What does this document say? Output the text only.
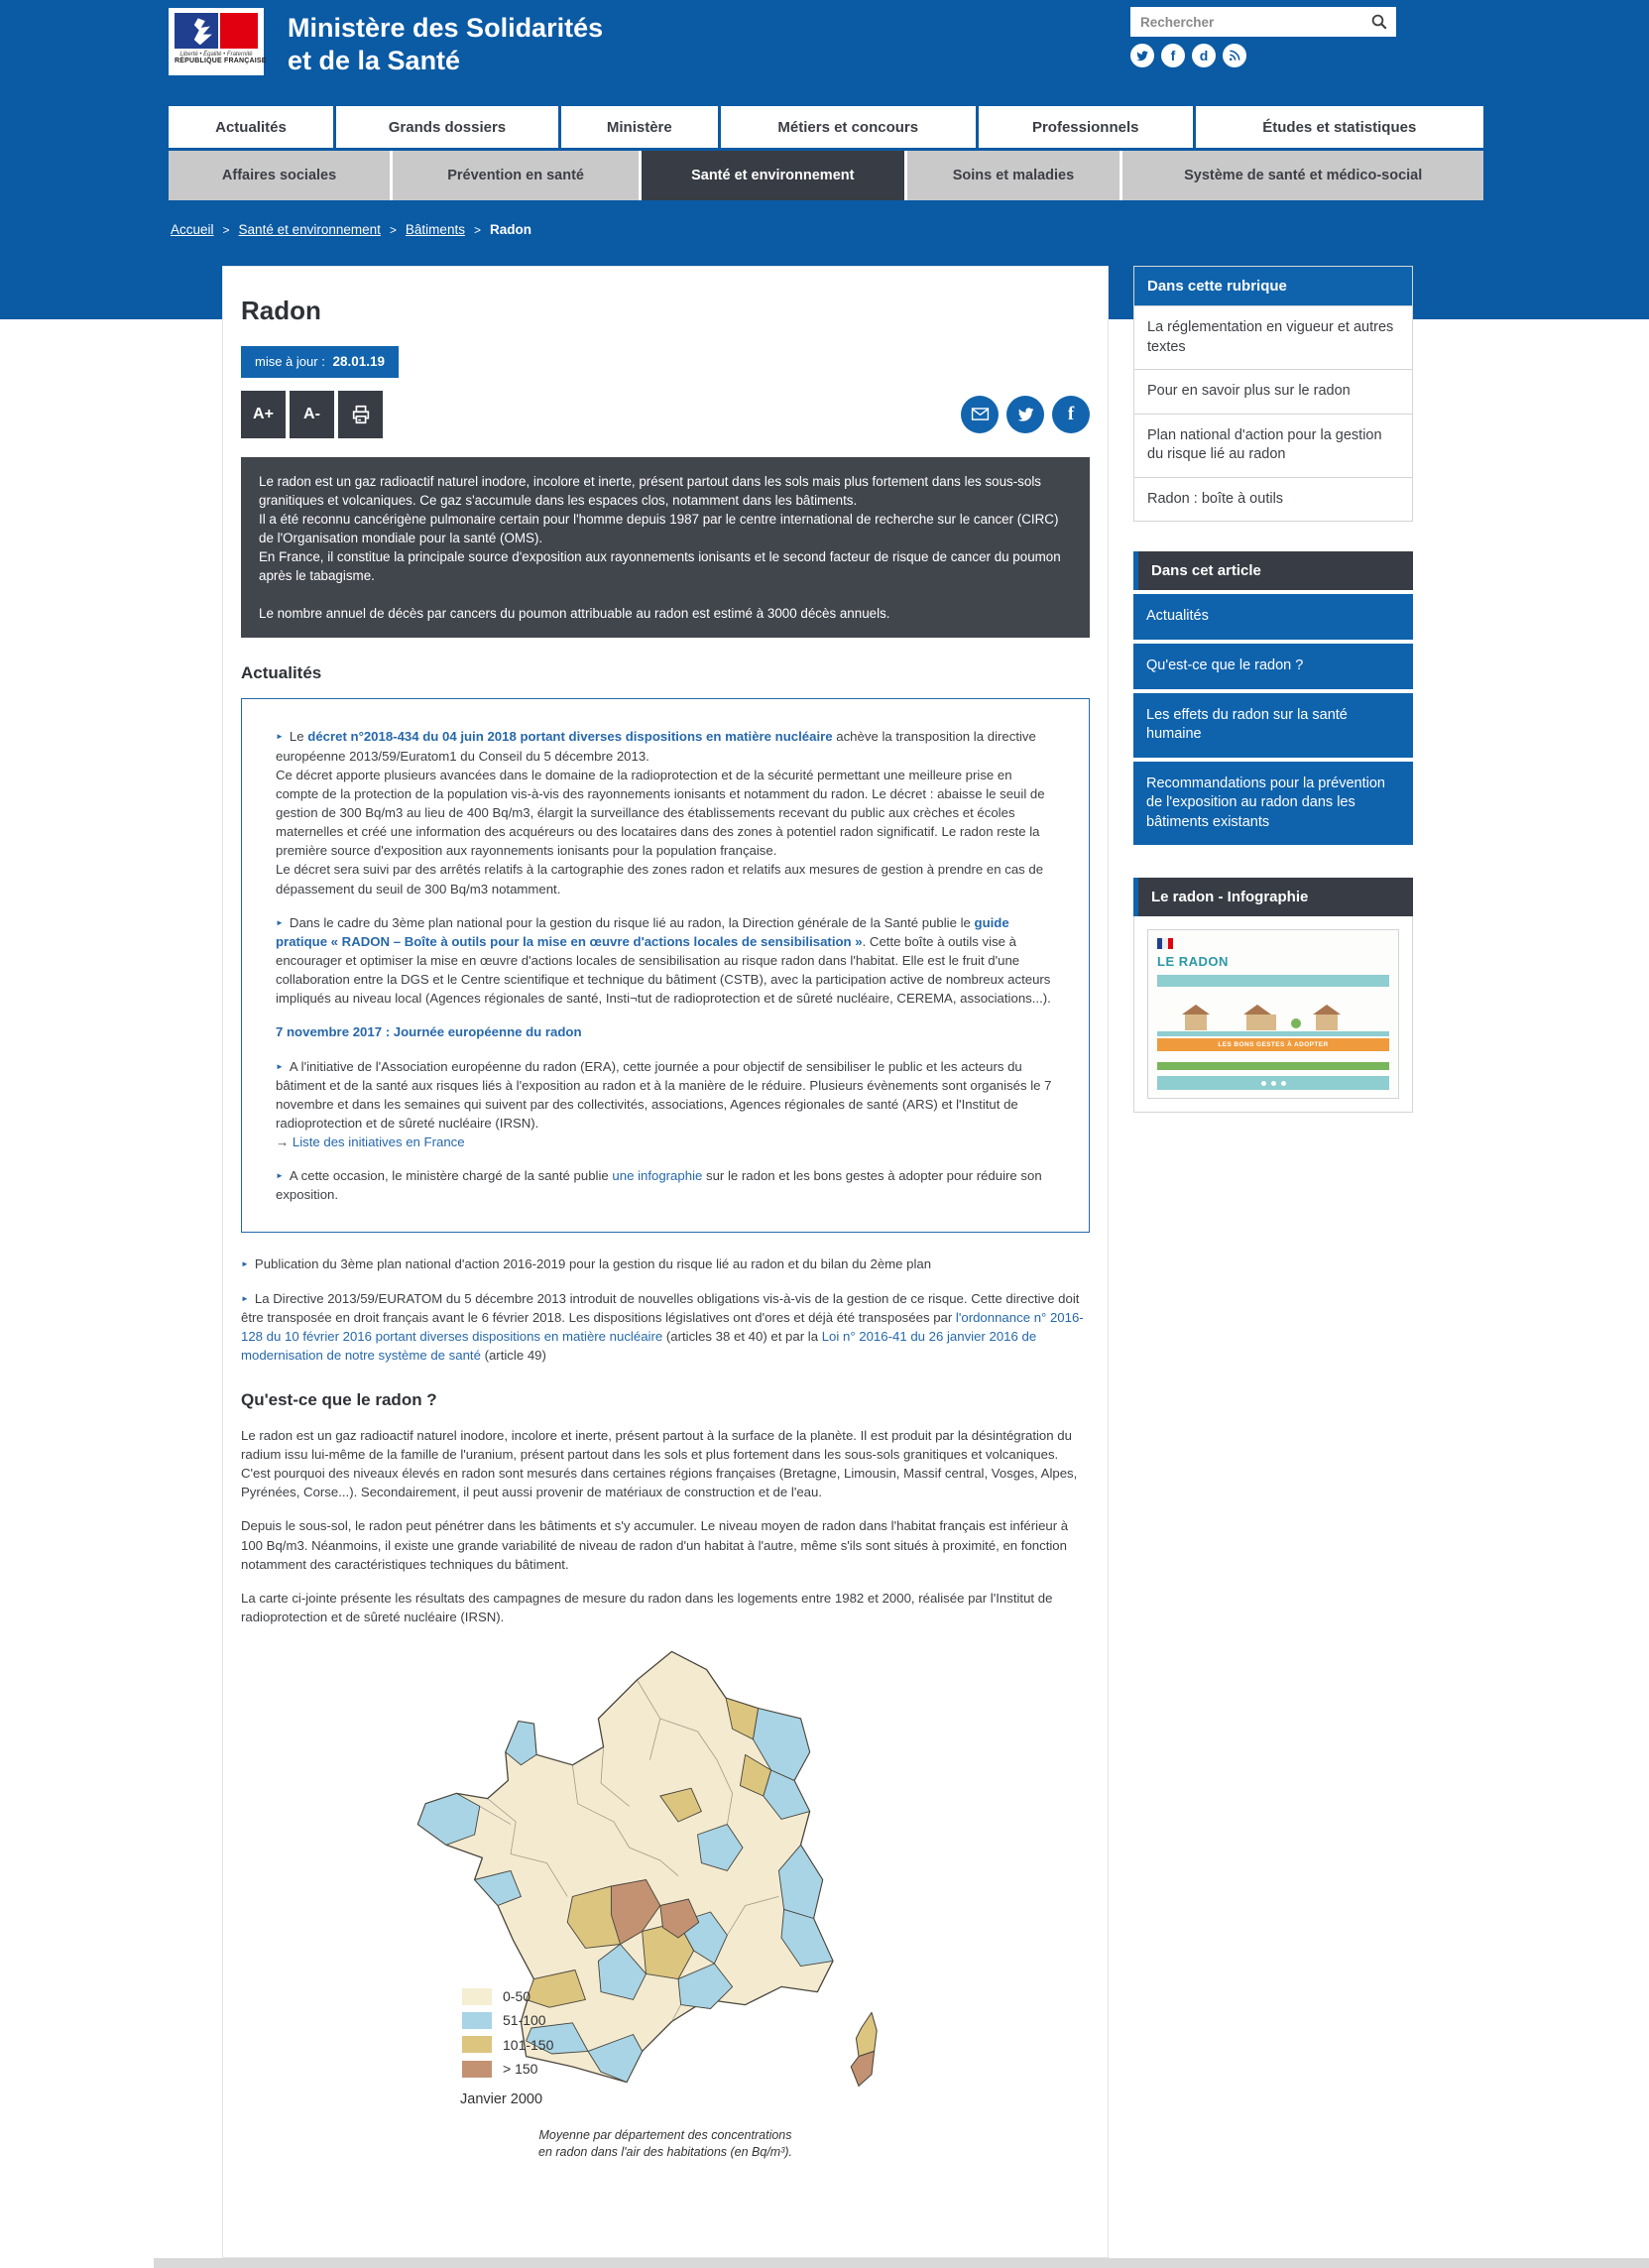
Liberté • Égalité • Fraternité
RÉPUBLIQUE FRANÇAISE
Ministère des Solidarités
et de la Santé
Rechercher	f	d
Actualités	Grands dossiers	Ministère	Métiers et concours	Professionnels	Études et statistiques
Affaires sociales	Prévention en santé	Santé et environnement	Soins et maladies	Système de santé et médico-social
Accueil > Santé et environnement > Bâtiments > Radon
Radon
mise à jour : 28.01.19
A+	A-	f
Le radon est un gaz radioactif naturel inodore, incolore et inerte, présent partout dans les sols mais plus fortement dans les sous-sols granitiques et volcaniques. Ce gaz s'accumule dans les espaces clos, notamment dans les bâtiments.
Il a été reconnu cancérigène pulmonaire certain pour l'homme depuis 1987 par le centre international de recherche sur le cancer (CIRC) de l'Organisation mondiale pour la santé (OMS).
En France, il constitue la principale source d'exposition aux rayonnements ionisants et le second facteur de risque de cancer du poumon après le tabagisme.
Le nombre annuel de décès par cancers du poumon attribuable au radon est estimé à 3000 décès annuels.
Actualités

► Le décret n°2018-434 du 04 juin 2018 portant diverses dispositions en matière nucléaire achève la transposition la directive européenne 2013/59/Euratom1 du Conseil du 5 décembre 2013.
Ce décret apporte plusieurs avancées dans le domaine de la radioprotection et de la sécurité permettant une meilleure prise en compte de la protection de la population vis-à-vis des rayonnements ionisants et notamment du radon. Le décret : abaisse le seuil de gestion de 300 Bq/m3 au lieu de 400 Bq/m3, élargit la surveillance des établissements recevant du public aux crèches et écoles maternelles et créé une information des acquéreurs ou des locataires dans des zones à potentiel radon significatif. Le radon reste la première source d'exposition aux rayonnements ionisants pour la population française.
Le décret sera suivi par des arrêtés relatifs à la cartographie des zones radon et relatifs aux mesures de gestion à prendre en cas de dépassement du seuil de 300 Bq/m3 notamment.

► Dans le cadre du 3ème plan national pour la gestion du risque lié au radon, la Direction générale de la Santé publie le guide pratique « RADON – Boîte à outils pour la mise en œuvre d'actions locales de sensibilisation ». Cette boîte à outils vise à encourager et optimiser la mise en œuvre d'actions locales de sensibilisation au risque radon dans l'habitat. Elle est le fruit d'une collaboration entre la DGS et le Centre scientifique et technique du bâtiment (CSTB), avec la participation active de nombreux acteurs impliqués au niveau local (Agences régionales de santé, Insti¬tut de radioprotection et de sûreté nucléaire, CEREMA, associations...).

7 novembre 2017 : Journée européenne du radon

► A l'initiative de l'Association européenne du radon (ERA), cette journée a pour objectif de sensibiliser le public et les acteurs du bâtiment et de la santé aux risques liés à l'exposition au radon et à la manière de le réduire. Plusieurs évènements sont organisés le 7 novembre et dans les semaines qui suivent par des collectivités, associations, Agences régionales de santé (ARS) et l'Institut de radioprotection et de sûreté nucléaire (IRSN).
→ Liste des initiatives en France

► A cette occasion, le ministère chargé de la santé publie une infographie sur le radon et les bons gestes à adopter pour réduire son exposition.

► Publication du 3ème plan national d'action 2016-2019 pour la gestion du risque lié au radon et du bilan du 2ème plan

► La Directive 2013/59/EURATOM du 5 décembre 2013 introduit de nouvelles obligations vis-à-vis de la gestion de ce risque. Cette directive doit être transposée en droit français avant le 6 février 2018. Les dispositions législatives ont d'ores et déjà été transposées par l'ordonnance n° 2016-128 du 10 février 2016 portant diverses dispositions en matière nucléaire (articles 38 et 40) et par la Loi n° 2016-41 du 26 janvier 2016 de modernisation de notre système de santé (article 49)

Qu'est-ce que le radon ?

Le radon est un gaz radioactif naturel inodore, incolore et inerte, présent partout à la surface de la planète. Il est produit par la désintégration du radium issu lui-même de la famille de l'uranium, présent partout dans les sols et plus fortement dans les sous-sols granitiques et volcaniques. C'est pourquoi des niveaux élevés en radon sont mesurés dans certaines régions françaises (Bretagne, Limousin, Massif central, Vosges, Alpes, Pyrénées, Corse...). Secondairement, il peut aussi provenir de matériaux de construction et de l'eau.

Depuis le sous-sol, le radon peut pénétrer dans les bâtiments et s'y accumuler. Le niveau moyen de radon dans l'habitat français est inférieur à 100 Bq/m3. Néanmoins, il existe une grande variabilité de niveau de radon d'un habitat à l'autre, même s'ils sont situés à proximité, en fonction notamment des caractéristiques techniques du bâtiment.

La carte ci-jointe présente les résultats des campagnes de mesure du radon dans les logements entre 1982 et 2000, réalisée par l'Institut de radioprotection et de sûreté nucléaire (IRSN).

0-50
51-100
101-150
> 150
Janvier 2000
Moyenne par département des concentrations
en radon dans l'air des habitations (en Bq/m³).
Dans cette rubrique
La réglementation en vigueur et autres textes
Pour en savoir plus sur le radon
Plan national d'action pour la gestion du risque lié au radon
Radon : boîte à outils
Dans cet article
Actualités
Qu'est-ce que le radon ?
Les effets du radon sur la santé humaine
Recommandations pour la prévention de l'exposition au radon dans les bâtiments existants
Le radon - Infographie
LE RADON
LES BONS GESTES À ADOPTER
